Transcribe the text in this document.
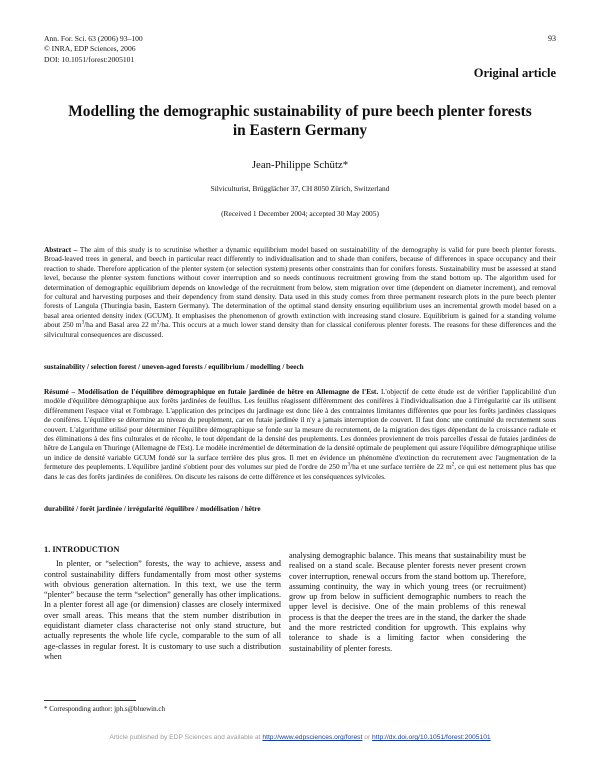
Ann. For. Sci. 63 (2006) 93–100
© INRA, EDP Sciences, 2006
DOI: 10.1051/forest:2005101
93
Original article
Modelling the demographic sustainability of pure beech plenter forests
in Eastern Germany
Jean-Philippe Schütz*
Silviculturist, Brügglächer 37, CH 8050 Zürich, Switzerland
(Received 1 December 2004; accepted 30 May 2005)
Abstract – The aim of this study is to scrutinise whether a dynamic equilibrium model based on sustainability of the demography is valid for pure beech plenter forests. Broad-leaved trees in general, and beech in particular react differently to individualisation and to shade than conifers, because of differences in space occupancy and their reaction to shade. Therefore application of the plenter system (or selection system) presents other constraints than for conifers forests. Sustainability must be assessed at stand level, because the plenter system functions without cover interruption and so needs continuous recruitment growing from the stand bottom up. The algorithm used for determination of demographic equilibrium depends on knowledge of the recruitment from below, stem migration over time (dependent on diameter increment), and removal for cultural and harvesting purposes and their dependency from stand density. Data used in this study comes from three permanent research plots in the pure beech plenter forests of Langula (Thuringia basin, Eastern Germany). The determination of the optimal stand density ensuring equilibrium uses an incremental growth model based on a basal area oriented density index (GCUM). It emphasises the phenomenon of growth extinction with increasing stand closure. Equilibrium is gained for a standing volume about 250 $m^3/ha$ and Basal area 22 $m^2/ha$. This occurs at a much lower stand density than for classical coniferous plenter forests. The reasons for these differences and the silvicultural consequences are discussed.
sustainability / selection forest / uneven-aged forests / equilibrium / modelling / beech
Résumé – Modélisation de l'équilibre démographique en futaie jardinée de hêtre en Allemagne de l'Est. L'objectif de cette étude est de vérifier l'applicabilité d'un modèle d'équilibre démographique aux forêts jardinées de feuillus. Les feuillus réagissent différemment des conifères à l'individualisation due à l'irrégularité car ils utilisent différemment l'espace vital et l'ombrage. L'application des principes du jardinage est donc liée à des contraintes limitantes différentes que pour les forêts jardinées classiques de conifères. L'équilibre se détermine au niveau du peuplement, car en futaie jardinée il n'y a jamais interruption de couvert. Il faut donc une continuité du recrutement sous couvert. L'algorithme utilisé pour déterminer l'équilibre démographique se fonde sur la mesure du recrutement, de la migration des tiges dépendant de la croissance radiale et des éliminations à des fins culturales et de récolte, le tout dépendant de la densité des peuplements. Les données proviennent de trois parcelles d'essai de futaies jardinées de hêtre de Langula en Thuringe (Allemagne de l'Est). Le modèle incrémentiel de détermination de la densité optimale de peuplement qui assure l'équilibre démographique utilise un indice de densité variable GCUM fondé sur la surface terrière des plus gros. Il met en évidence un phénomène d'extinction du recrutement avec l'augmentation de la fermeture des peuplements. L'équilibre jardiné s'obtient pour des volumes sur pied de l'ordre de 250 $m^3/ha$ et une surface terrière de 22 $m^2$, ce qui est nettement plus bas que dans le cas des forêts jardinées de conifères. On discute les raisons de cette différence et les conséquences sylvicoles.
durabilité / forêt jardinée / irrégularité /équilibre / modélisation / hêtre
1. INTRODUCTION
In plenter, or “selection” forests, the way to achieve, assess and control sustainability differs fundamentally from most other systems with obvious generation alternation. In this text, we use the term “plenter” because the term “selection” generally has other implications. In a plenter forest all age (or dimension) classes are closely intermixed over small areas. This means that the stem number distribution in equidistant diameter class characterise not only stand structure, but actually represents the whole life cycle, comparable to the sum of all age-classes in regular forest. It is customary to use such a distribution when
analysing demographic balance. This means that sustainability must be realised on a stand scale. Because plenter forests never present crown cover interruption, renewal occurs from the stand bottom up. Therefore, assuming continuity, the way in which young trees (or recruitment) grow up from below in sufficient demographic numbers to reach the upper level is decisive. One of the main problems of this renewal process is that the deeper the trees are in the stand, the darker the shade and the more restricted condition for upgrowth. This explains why tolerance to shade is a limiting factor when considering the sustainability of plenter forests.
* Corresponding author: jph.s@bluewin.ch
Article published by EDP Sciences and available at http://www.edpsciences.org/forest or http://dx.doi.org/10.1051/forest:2005101
